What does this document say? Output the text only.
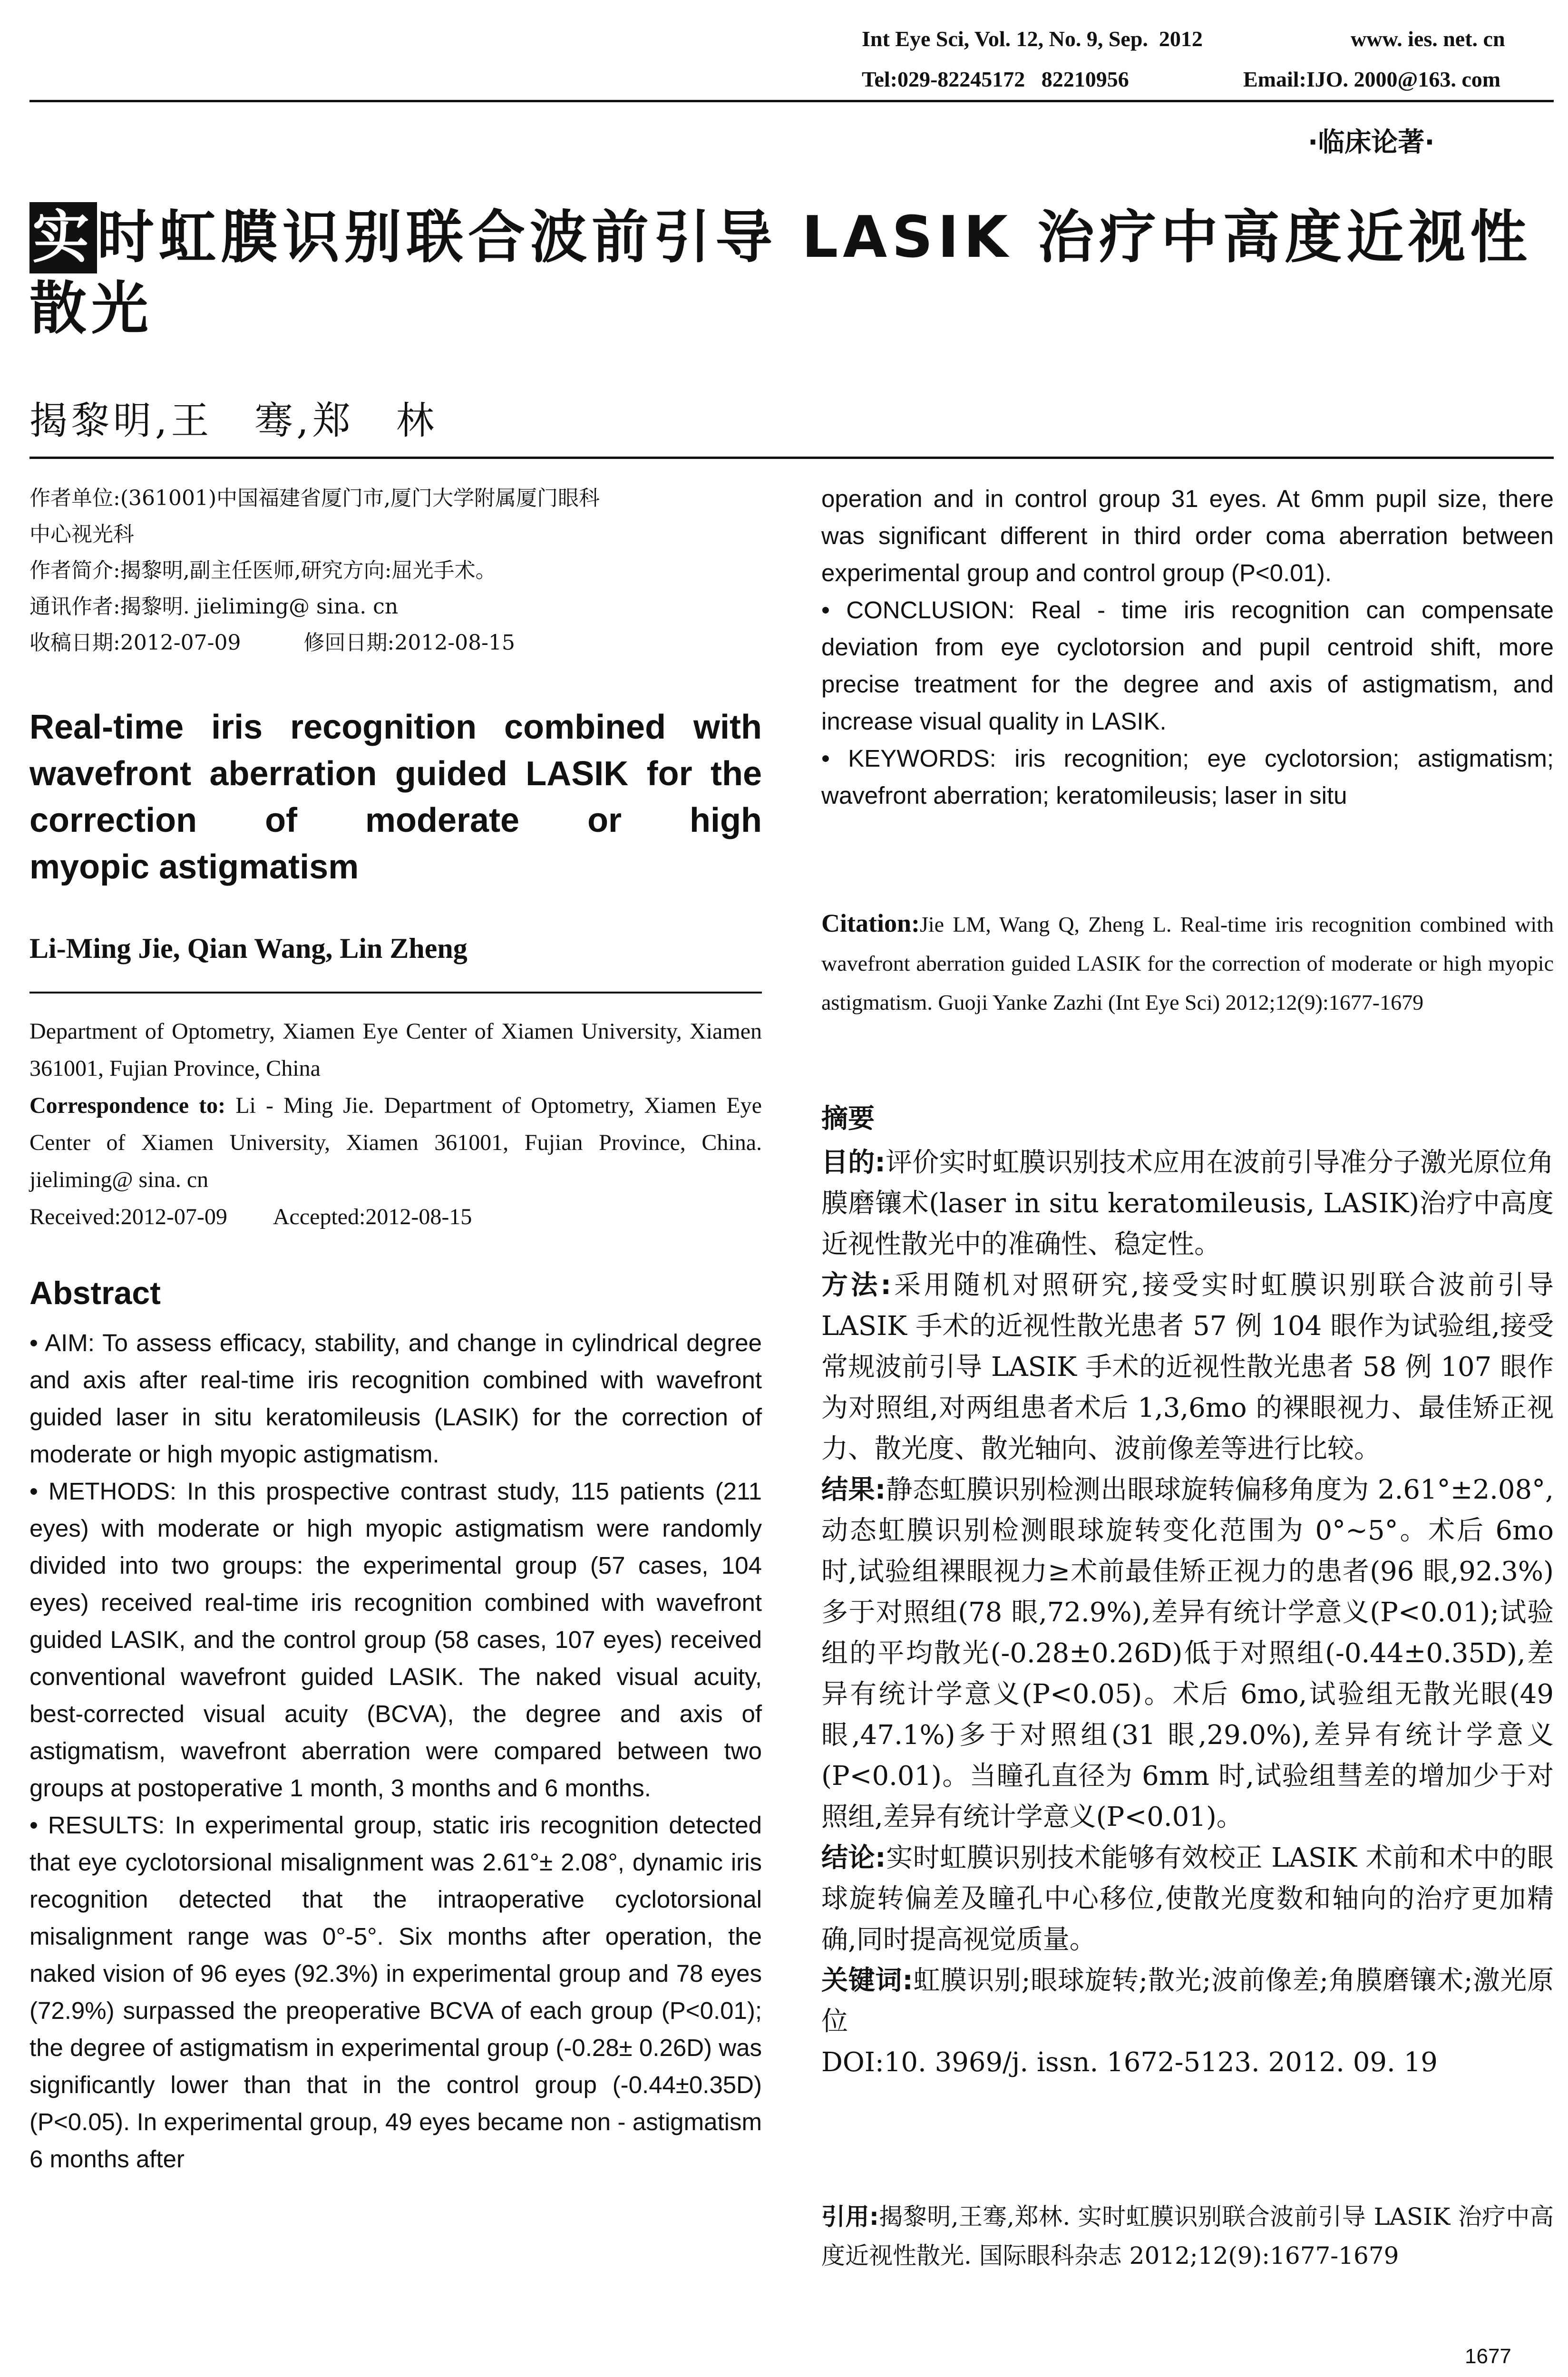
Int Eye Sci, Vol. 12, No. 9, Sep.  2012	www. ies. net. cn
Tel:029-82245172   82210956	Email:IJO. 2000@163. com
·临床论著·
实时虹膜识别联合波前引导 LASIK 治疗中高度近视性
散光
揭黎明,王　骞,郑　林
作者单位:(361001)中国福建省厦门市,厦门大学附属厦门眼科
中心视光科
作者简介:揭黎明,副主任医师,研究方向:屈光手术。
通讯作者:揭黎明. jieliming@ sina. cn
收稿日期:2012-07-09　　　修回日期:2012-08-15
Real-time iris recognition combined with
wavefront aberration guided LASIK for the
correction of moderate or high
myopic astigmatism
Li-Ming Jie, Qian Wang, Lin Zheng
Department of Optometry, Xiamen Eye Center of Xiamen University, Xiamen 361001, Fujian Province, China
Correspondence to: Li - Ming Jie. Department of Optometry, Xiamen Eye Center of Xiamen University, Xiamen 361001, Fujian Province, China. jieliming@ sina. cn
Received:2012-07-09　　Accepted:2012-08-15
Abstract

• AIM: To assess efficacy, stability, and change in cylindrical degree and axis after real-time iris recognition combined with wavefront guided laser in situ keratomileusis (LASIK) for the correction of moderate or high myopic astigmatism.

• METHODS: In this prospective contrast study, 115 patients (211 eyes) with moderate or high myopic astigmatism were randomly divided into two groups: the experimental group (57 cases, 104 eyes) received real-time iris recognition combined with wavefront guided LASIK, and the control group (58 cases, 107 eyes) received conventional wavefront guided LASIK. The naked visual acuity, best-corrected visual acuity (BCVA), the degree and axis of astigmatism, wavefront aberration were compared between two groups at postoperative 1 month, 3 months and 6 months.

• RESULTS: In experimental group, static iris recognition detected that eye cyclotorsional misalignment was 2.61°± 2.08°, dynamic iris recognition detected that the intraoperative cyclotorsional misalignment range was 0°-5°. Six months after operation, the naked vision of 96 eyes (92.3%) in experimental group and 78 eyes (72.9%) surpassed the preoperative BCVA of each group (P<0.01); the degree of astigmatism in experimental group (-0.28± 0.26D) was significantly lower than that in the control group (-0.44±0.35D) (P<0.05). In experimental group, 49 eyes became non - astigmatism 6 months after

operation and in control group 31 eyes. At 6mm pupil size, there was significant different in third order coma aberration between experimental group and control group (P<0.01).

• CONCLUSION: Real - time iris recognition can compensate deviation from eye cyclotorsion and pupil centroid shift, more precise treatment for the degree and axis of astigmatism, and increase visual quality in LASIK.

• KEYWORDS: iris recognition; eye cyclotorsion; astigmatism; wavefront aberration; keratomileusis; laser in situ

Citation:Jie LM, Wang Q, Zheng L. Real-time iris recognition combined with wavefront aberration guided LASIK for the correction of moderate or high myopic astigmatism. Guoji Yanke Zazhi (Int Eye Sci) 2012;12(9):1677-1679

摘要

目的:评价实时虹膜识别技术应用在波前引导准分子激光原位角膜磨镶术(laser in situ keratomileusis, LASIK)治疗中高度近视性散光中的准确性、稳定性。

方法:采用随机对照研究,接受实时虹膜识别联合波前引导 LASIK 手术的近视性散光患者 57 例 104 眼作为试验组,接受常规波前引导 LASIK 手术的近视性散光患者 58 例 107 眼作为对照组,对两组患者术后 1,3,6mo 的裸眼视力、最佳矫正视力、散光度、散光轴向、波前像差等进行比较。

结果:静态虹膜识别检测出眼球旋转偏移角度为 2.61°±2.08°,动态虹膜识别检测眼球旋转变化范围为 0°~5°。术后 6mo 时,试验组裸眼视力≥术前最佳矫正视力的患者(96 眼,92.3%)多于对照组(78 眼,72.9%),差异有统计学意义(P<0.01);试验组的平均散光(-0.28±0.26D)低于对照组(-0.44±0.35D),差异有统计学意义(P<0.05)。术后 6mo,试验组无散光眼(49 眼,47.1%)多于对照组(31 眼,29.0%),差异有统计学意义(P<0.01)。当瞳孔直径为 6mm 时,试验组彗差的增加少于对照组,差异有统计学意义(P<0.01)。

结论:实时虹膜识别技术能够有效校正 LASIK 术前和术中的眼球旋转偏差及瞳孔中心移位,使散光度数和轴向的治疗更加精确,同时提高视觉质量。

关键词:虹膜识别;眼球旋转;散光;波前像差;角膜磨镶术;激光原位

DOI:10. 3969/j. issn. 1672-5123. 2012. 09. 19

引用:揭黎明,王骞,郑林. 实时虹膜识别联合波前引导 LASIK 治疗中高度近视性散光. 国际眼科杂志 2012;12(9):1677-1679
1677
